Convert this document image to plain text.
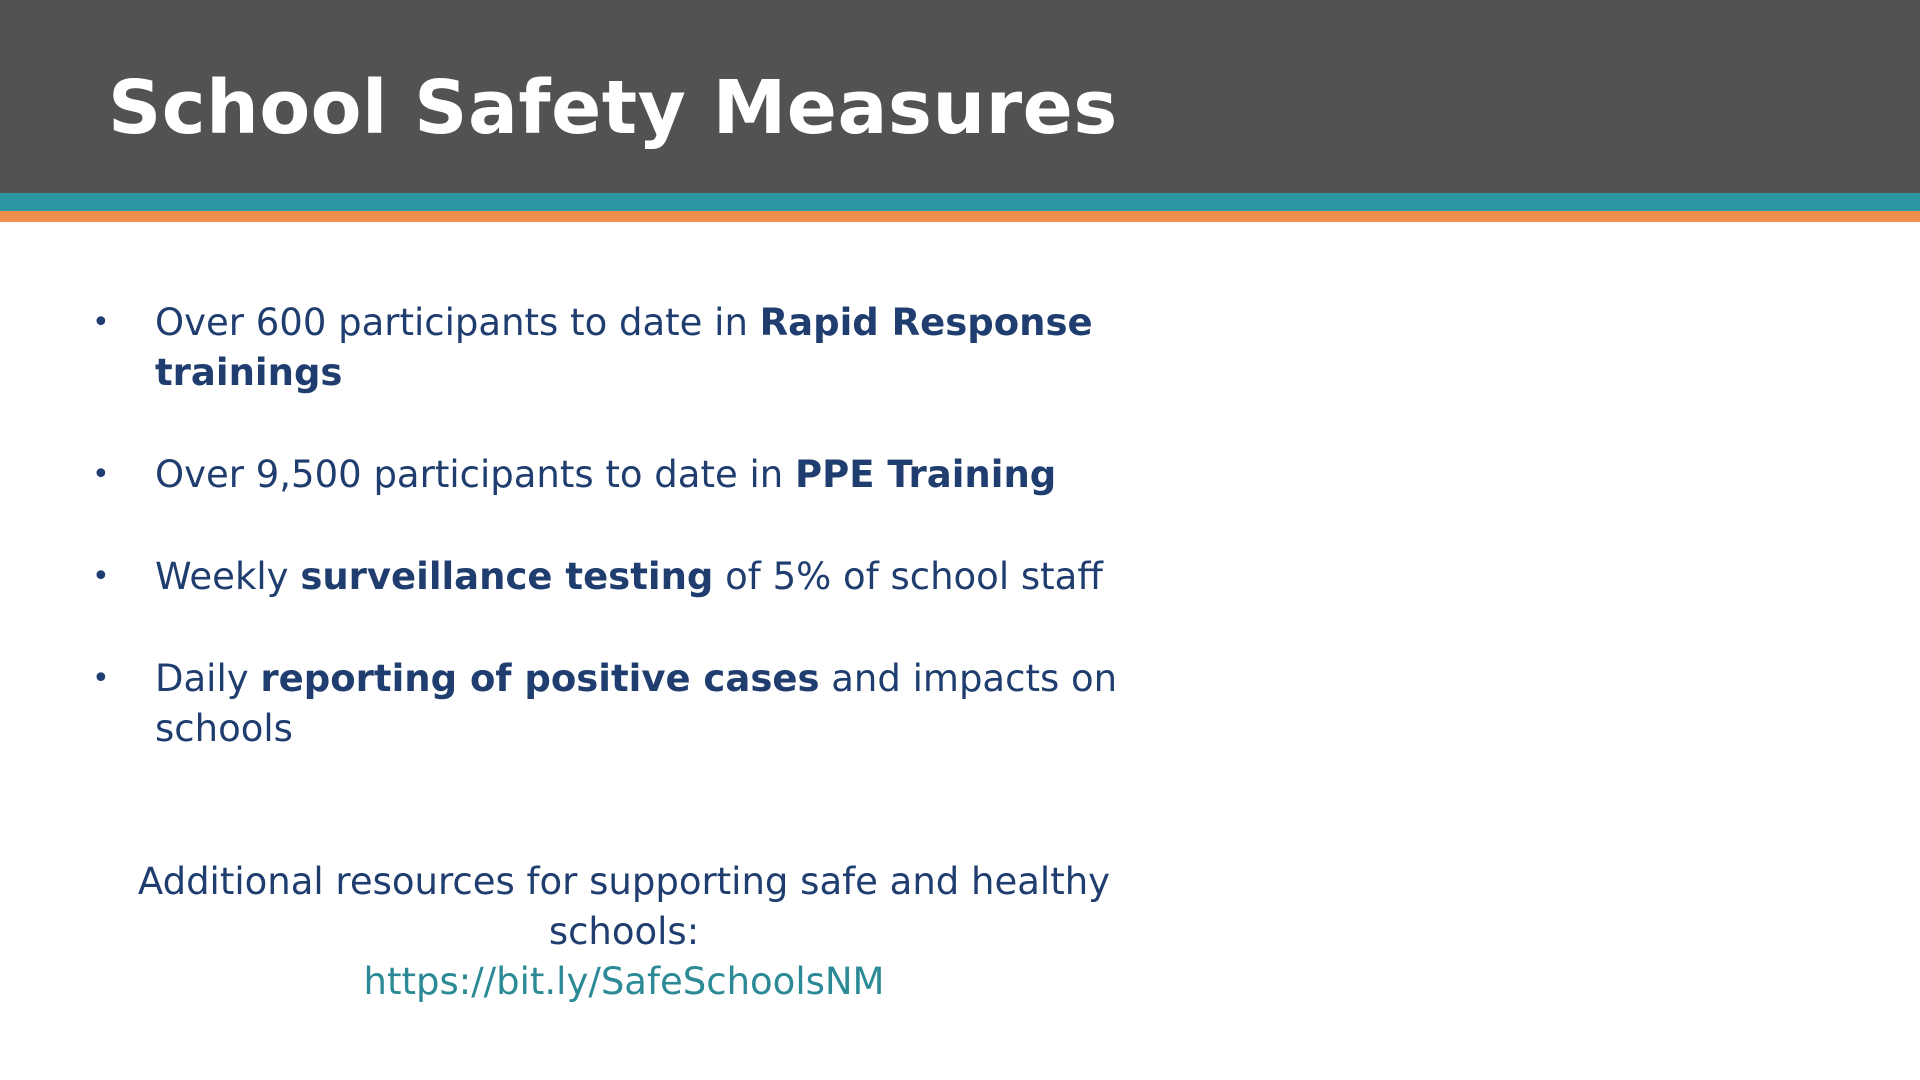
School Safety Measures
• Over 600 participants to date in Rapid Response trainings
• Over 9,500 participants to date in PPE Training
• Weekly surveillance testing of 5% of school staff
• Daily reporting of positive cases and impacts on schools
Additional resources for supporting safe and healthy schools:
https://bit.ly/SafeSchoolsNM
